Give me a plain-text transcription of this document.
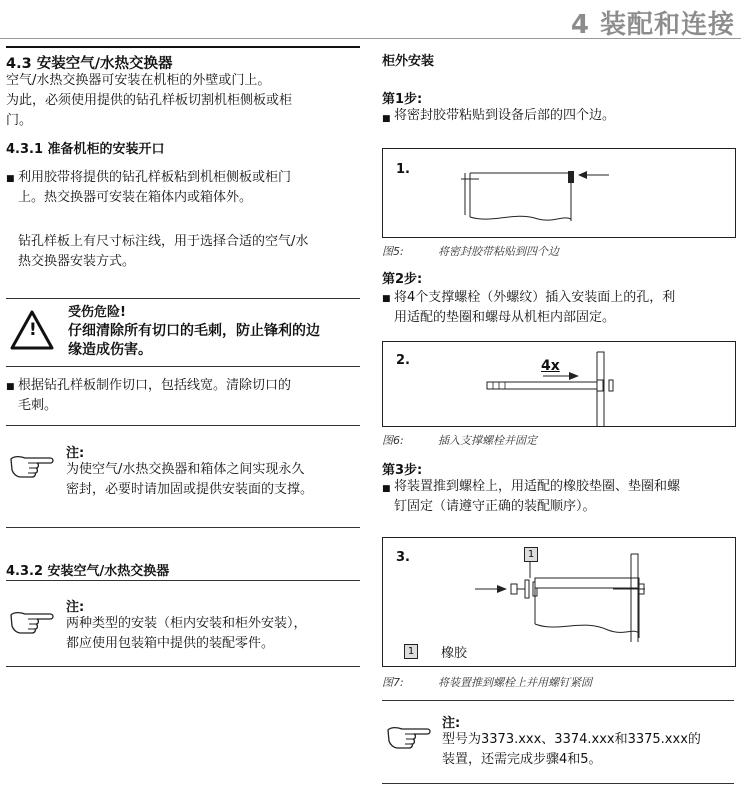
4 装配和连接
4.3 安装空气/水热交换器
空气/水热交换器可安装在机柜的外壁或门上。
为此，必须使用提供的钻孔样板切割机柜侧板或柜
门。
4.3.1 准备机柜的安装开口
■ 利用胶带将提供的钻孔样板粘到机柜侧板或柜门
上。热交换器可安装在箱体内或箱体外。
钻孔样板上有尺寸标注线，用于选择合适的空气/水
热交换器安装方式。
!
受伤危险!
仔细清除所有切口的毛刺，防止锋利的边
缘造成伤害。
■ 根据钻孔样板制作切口，包括线宽。清除切口的
毛刺。
注:
为使空气/水热交换器和箱体之间实现永久
密封，必要时请加固或提供安装面的支撑。
4.3.2 安装空气/水热交换器
注:
两种类型的安装（柜内安装和柜外安装），
都应使用包装箱中提供的装配零件。
柜外安装
第1步:
■ 将密封胶带粘贴到设备后部的四个边。
1.
图5:	将密封胶带粘贴到四个边
第2步:
■ 将4个支撑螺栓（外螺纹）插入安装面上的孔，利
用适配的垫圈和螺母从机柜内部固定。
2.	4x
图6:	插入支撑螺栓并固定
第3步:
■ 将装置推到螺栓上，用适配的橡胶垫圈、垫圈和螺
钉固定（请遵守正确的装配顺序）。
3.	1
1 橡胶
图7:	将装置推到螺栓上并用螺钉紧固
注:
型号为3373.xxx、3374.xxx和3375.xxx的
装置，还需完成步骤4和5。
